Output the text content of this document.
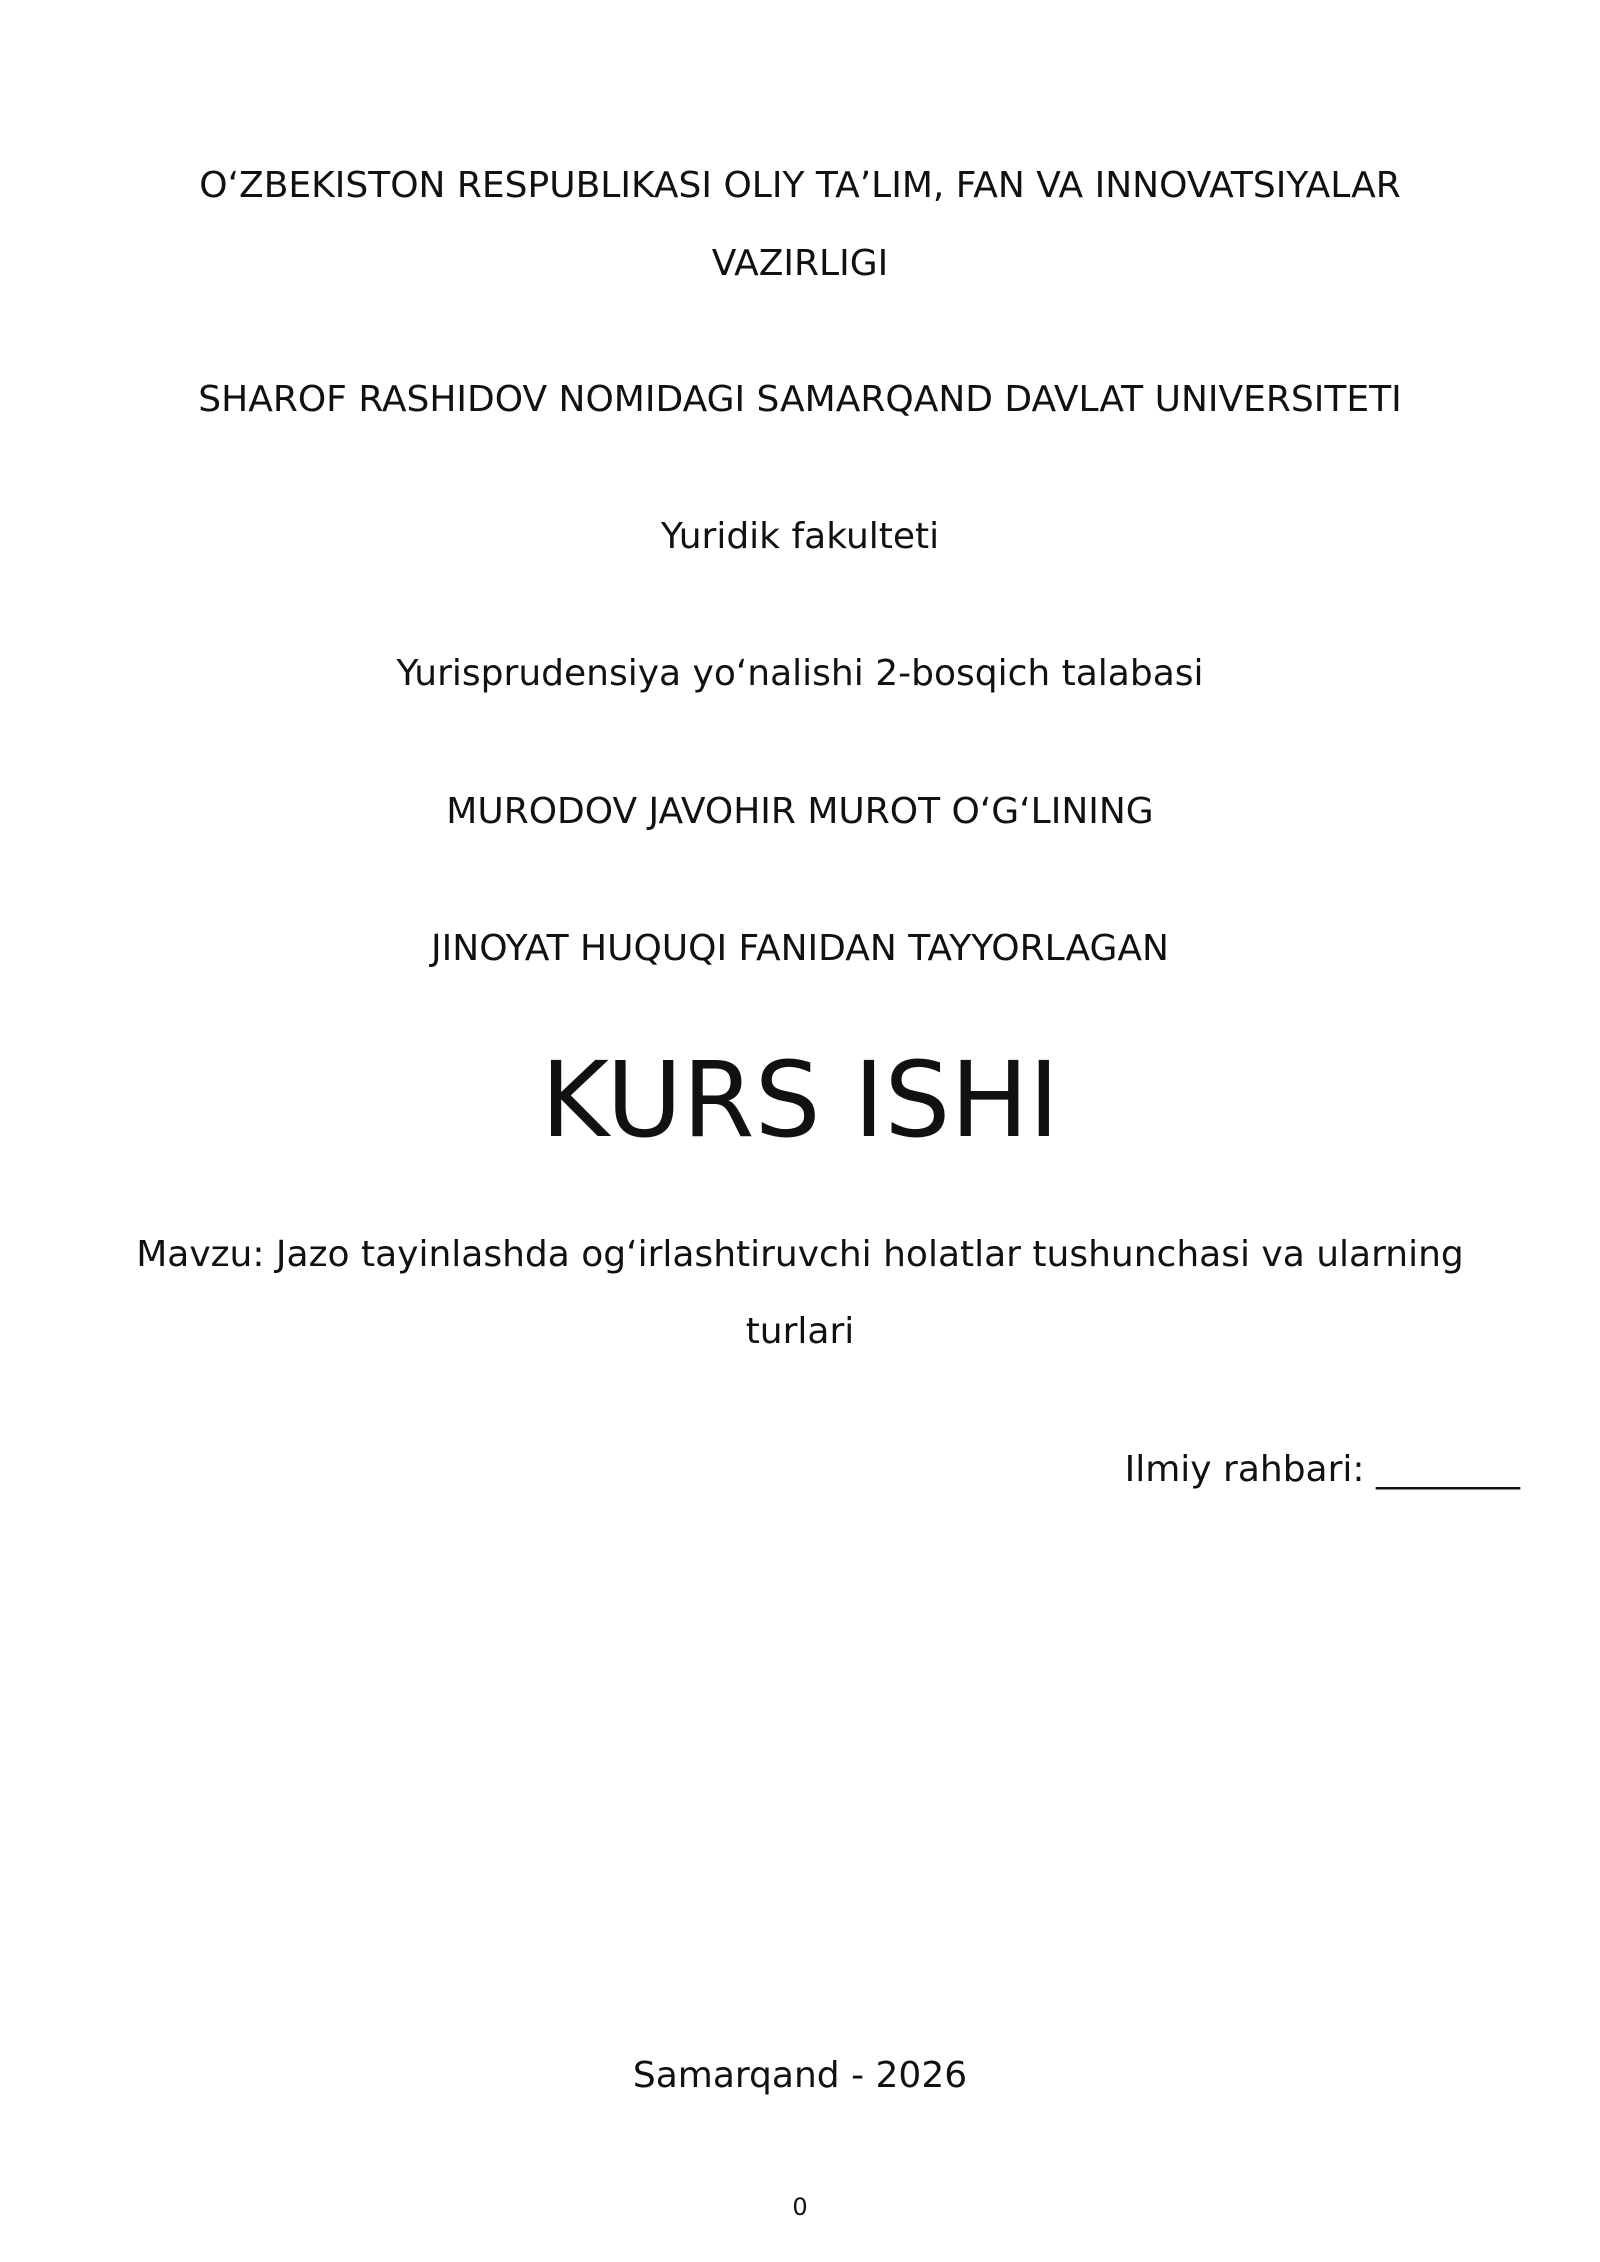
O‘ZBEKISTON RESPUBLIKASI OLIY TA’LIM, FAN VA INNOVATSIYALAR
VAZIRLIGI
SHAROF RASHIDOV NOMIDAGI SAMARQAND DAVLAT UNIVERSITETI
Yuridik fakulteti
Yurisprudensiya yo‘nalishi 2-bosqich talabasi
MURODOV JAVOHIR MUROT O‘G‘LINING
JINOYAT HUQUQI FANIDAN TAYYORLAGAN
KURS ISHI
Mavzu: Jazo tayinlashda og‘irlashtiruvchi holatlar tushunchasi va ularning
turlari
Ilmiy rahbari: ________
Samarqand - 2026
0
